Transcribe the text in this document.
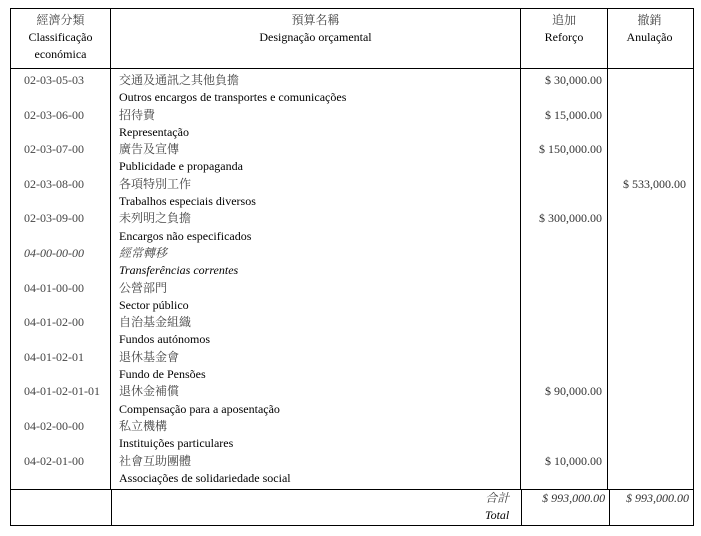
經濟分類
Classificação
económica
預算名稱
Designação orçamental
追加
Reforço
撤銷
Anulação
02-03-05-03
02-03-06-00
02-03-07-00
02-03-08-00
02-03-09-00
04-00-00-00
04-01-00-00
04-01-02-00
04-01-02-01
04-01-02-01-01
04-02-00-00
04-02-01-00
交通及通訊之其他負擔
Outros encargos de transportes e comunicações
招待費
Representação
廣告及宣傳
Publicidade e propaganda
各項特別工作
Trabalhos especiais diversos
未列明之負擔
Encargos não especificados
經常轉移
Transferências correntes
公營部門
Sector público
自治基金組織
Fundos autónomos
退休基金會
Fundo de Pensões
退休金補償
Compensação para a aposentação
私立機構
Instituições particulares
社會互助團體
Associações de solidariedade social
$ 30,000.00
$ 15,000.00
$ 150,000.00
$ 300,000.00
$ 90,000.00
$ 10,000.00
$ 533,000.00
合計
Total
$ 993,000.00	$ 993,000.00
